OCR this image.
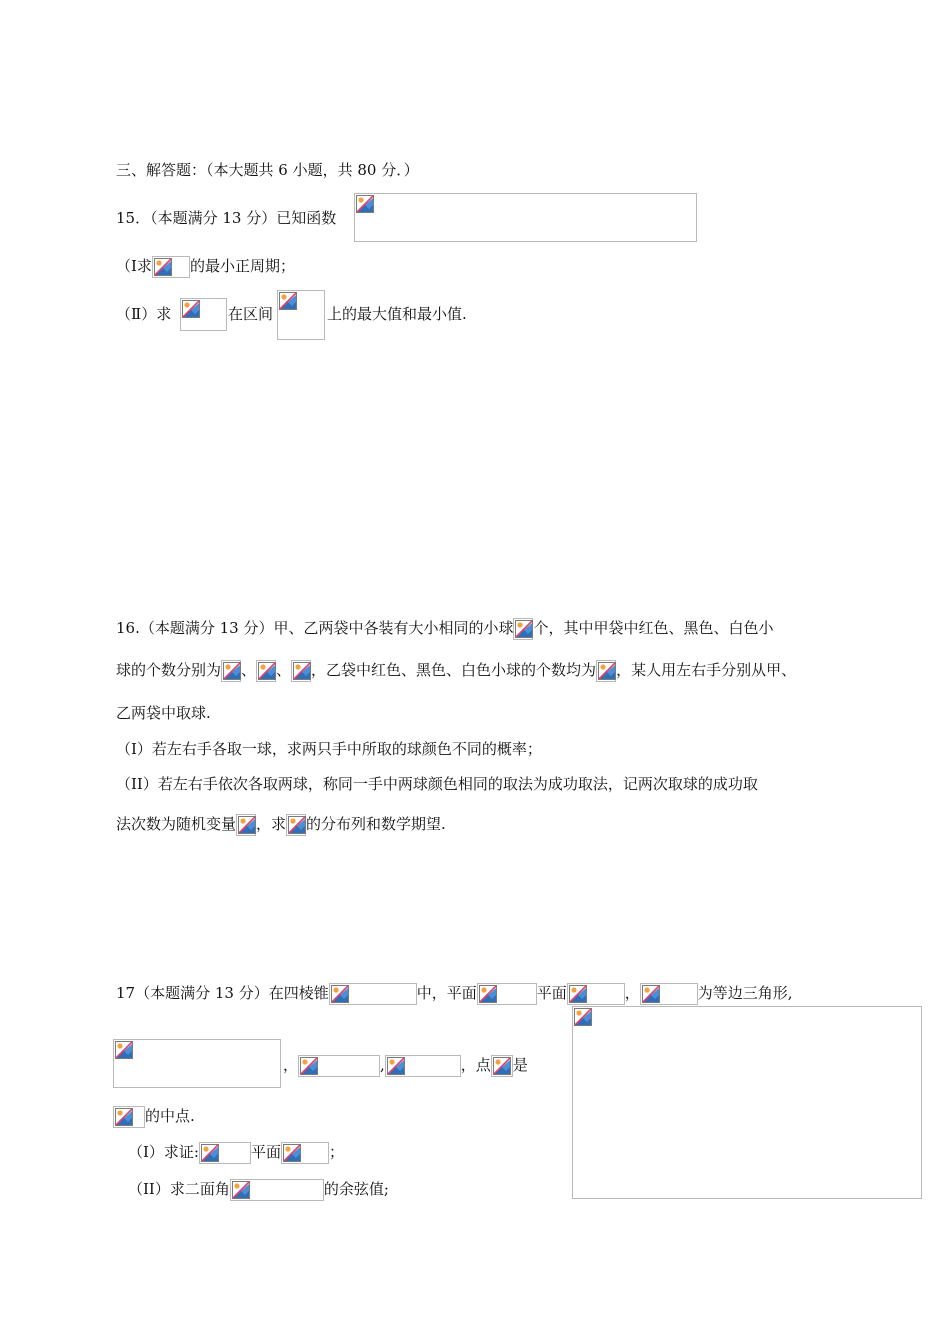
三、解答题：（本大题共 6 小题，共 80 分．）
15．（本题满分 13 分）已知函数
（Ⅰ求	的最小正周期；
（Ⅱ）求	在区间	上的最大值和最小值.
16.（本题满分 13 分）甲、乙两袋中各装有大小相同的小球 个，其中甲袋中红色、黑色、白色小
球的个数分别为 、 、 ，乙袋中红色、黑色、白色小球的个数均为 ，某人用左右手分别从甲、
乙两袋中取球.
（I）若左右手各取一球，求两只手中所取的球颜色不同的概率；
（II）若左右手依次各取两球，称同一手中两球颜色相同的取法为成功取法，记两次取球的成功取
法次数为随机变量 ，求 的分布列和数学期望.
17（本题满分 13 分）在四棱锥	中，平面	平面	，	为等边三角形,
，	,	，点 是
的中点.
（I）求证:	平面	；
（II）求二面角	的余弦值;
